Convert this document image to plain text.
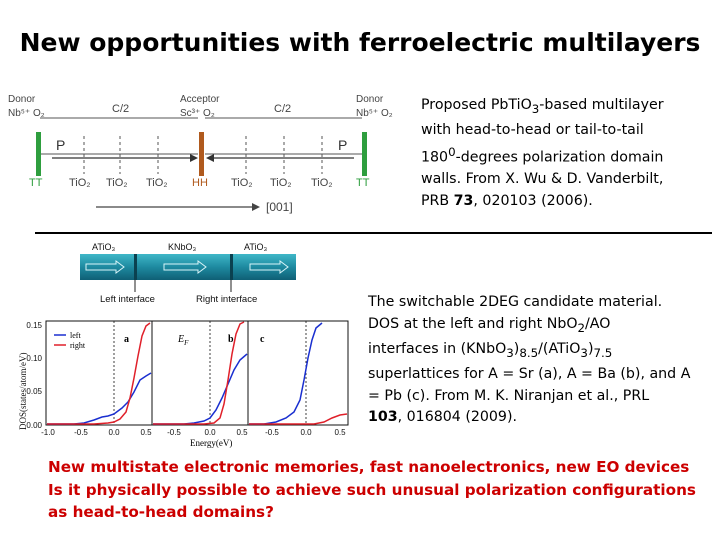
New opportunities with ferroelectric multilayers
Donor
Nb⁵⁺ O₂
Acceptor
Sc³⁺ O₂
Donor
Nb⁵⁺ O₂
C/2	C/2
P	P
TT TiO₂ TiO₂ TiO₂ HH TiO₂ TiO₂ TiO₂ TT
[001]
Proposed PbTiO$_3$-based multilayer
with head-to-head or tail-to-tail
$180^0$-degrees polarization domain
walls. From X. Wu & D. Vanderbilt,
PRB 73, 020103 (2006).
ATiO₃	KNbO₃	ATiO₃
Left interface	Right interface
DOS(states/atom/eV)
0.15
0.10
0.05
0.00
a
left
right
$E_F$	b	c
-1.0 -0.5	0.0	0.5 -0.5	0.0	0.5 -0.5	0.0	0.5
Energy(eV)
The switchable 2DEG candidate material.
DOS at the left and right NbO$_2$/AO
interfaces in $(KNbO_3)_{8.5}/(ATiO_3)_{7.5}$
superlattices for A = Sr (a), A = Ba (b), and A
= Pb (c). From M. K. Niranjan et al., PRL
103, 016804 (2009).
New multistate electronic memories, fast nanoelectronics, new EO devices
Is it physically possible to achieve such unusual polarization configurations
as head-to-head domains?
